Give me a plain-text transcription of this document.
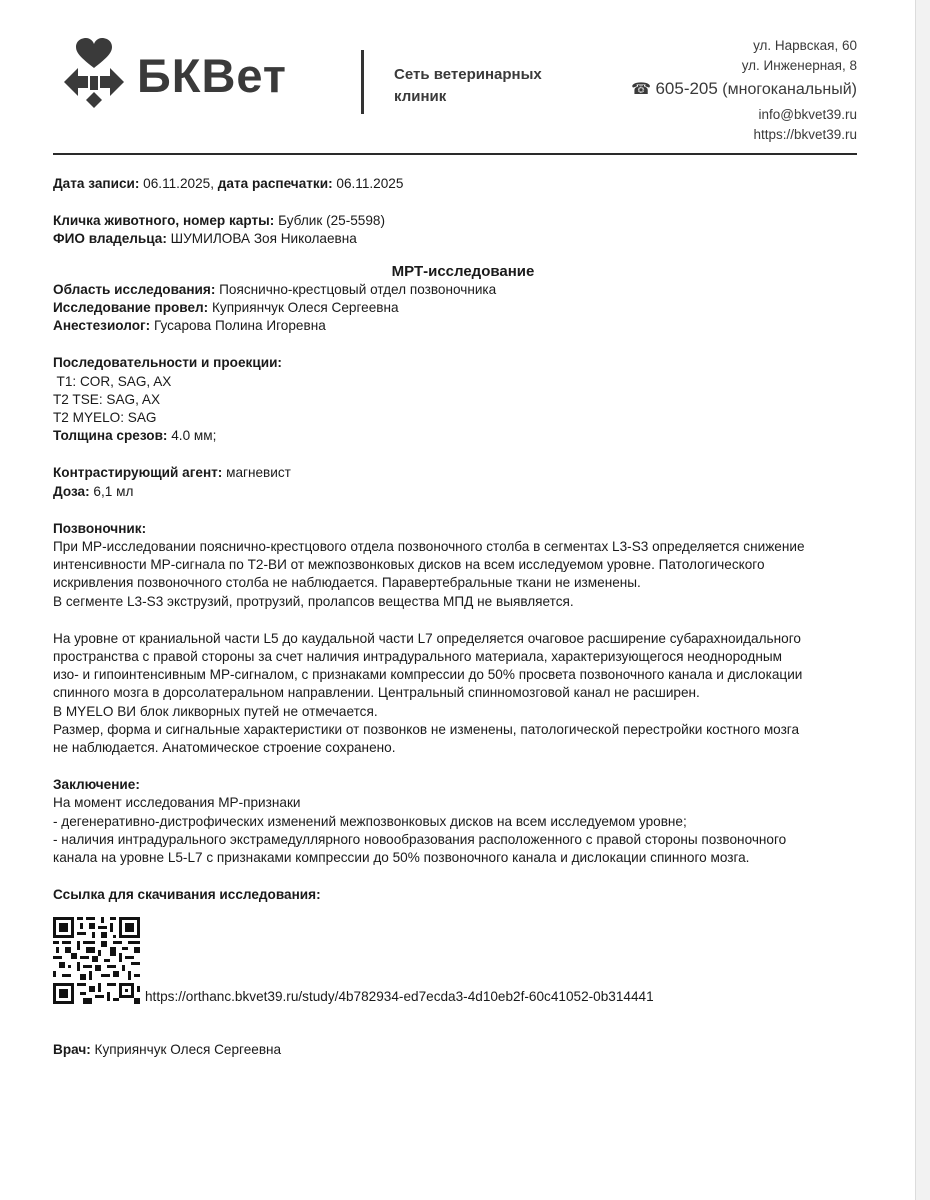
БКВет	Сеть ветеринарных
клиник
ул. Нарвская, 60
ул. Инженерная, 8
☎ 605-205 (многоканальный)
info@bkvet39.ru
https://bkvet39.ru

Дата записи: 06.11.2025, дата распечатки: 06.11.2025

Кличка животного, номер карты: Бублик (25-5598)

ФИО владельца: ШУМИЛОВА Зоя Николаевна

МРТ-исследование

Область исследования: Пояснично-крестцовый отдел позвоночника

Исследование провел: Куприянчук Олеся Сергеевна

Анестезиолог: Гусарова Полина Игоревна

Последовательности и проекции:

T1: COR, SAG, AX

T2 TSE: SAG, AX

T2 MYELO: SAG

Толщина срезов: 4.0 мм;

Контрастирующий агент: магневист

Доза: 6,1 мл

Позвоночник:

При МР-исследовании пояснично-крестцового отдела позвоночного столба в сегментах L3-S3 определяется снижение

интенсивности МР-сигнала по Т2-ВИ от межпозвонковых дисков на всем исследуемом уровне. Патологического

искривления позвоночного столба не наблюдается. Паравертебральные ткани не изменены.

В сегменте L3-S3 экструзий, протрузий, пролапсов вещества МПД не выявляется.

На уровне от краниальной части L5 до каудальной части L7 определяется очаговое расширение субарахноидального

пространства с правой стороны за счет наличия интрадурального материала, характеризующегося неоднородным

изо- и гипоинтенсивным МР-сигналом, с признаками компрессии до 50% просвета позвоночного канала и дислокации

спинного мозга в дорсолатеральном направлении. Центральный спинномозговой канал не расширен.

В MYELO ВИ блок ликворных путей не отмечается.

Размер, форма и сигнальные характеристики от позвонков не изменены, патологической перестройки костного мозга

не наблюдается. Анатомическое строение сохранено.

Заключение:

На момент исследования МР-признаки

- дегенеративно-дистрофических изменений межпозвонковых дисков на всем исследуемом уровне;

- наличия интрадурального экстрамедуллярного новообразования расположенного с правой стороны позвоночного

канала на уровне L5-L7 с признаками компрессии до 50% позвоночного канала и дислокации спинного мозга.

Ссылка для скачивания исследования:

https://orthanc.bkvet39.ru/study/4b782934-ed7ecda3-4d10eb2f-60c41052-0b314441

Врач: Куприянчук Олеся Сергеевна
